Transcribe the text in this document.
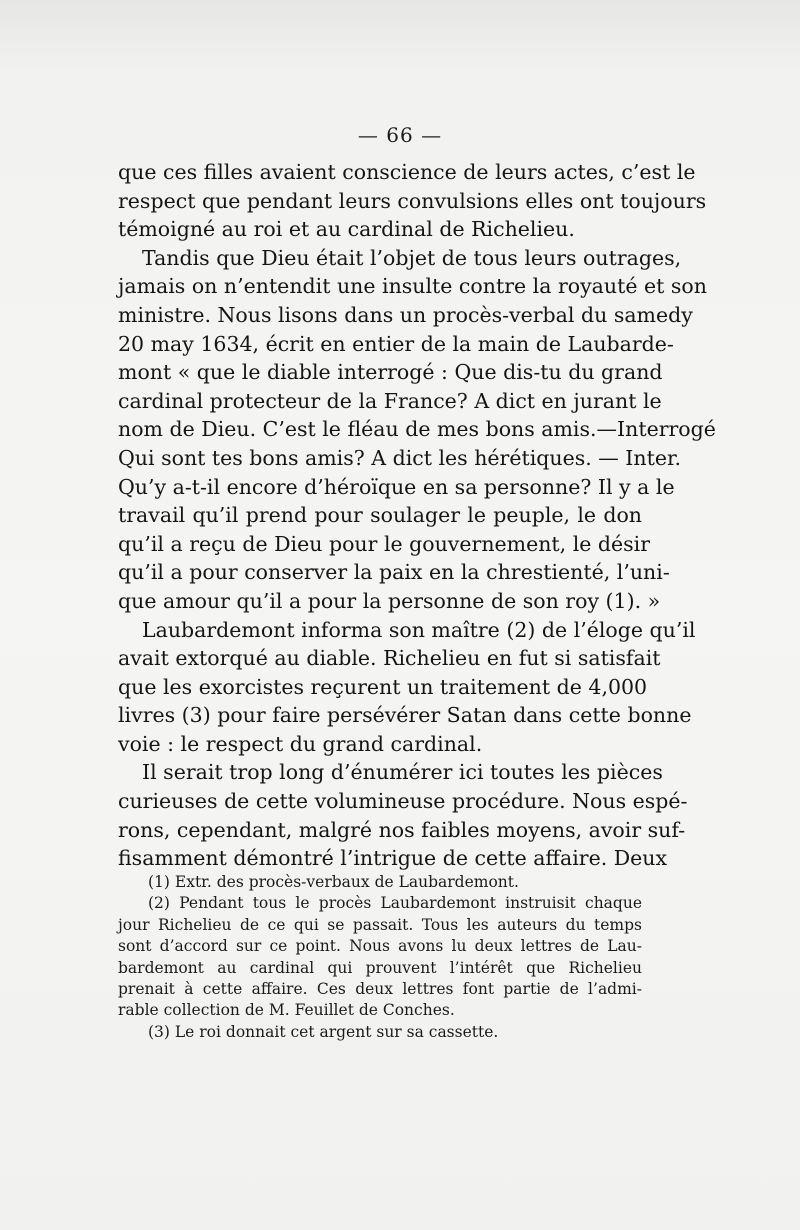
— 66 —
que ces filles avaient conscience de leurs actes, c’est le
respect que pendant leurs convulsions elles ont toujours
témoigné au roi et au cardinal de Richelieu.
Tandis que Dieu était l’objet de tous leurs outrages,
jamais on n’entendit une insulte contre la royauté et son
ministre. Nous lisons dans un procès-verbal du samedy
20 may 1634, écrit en entier de la main de Laubarde-
mont « que le diable interrogé : Que dis-tu du grand
cardinal protecteur de la France? A dict en jurant le
nom de Dieu. C’est le fléau de mes bons amis.—Interrogé
Qui sont tes bons amis? A dict les hérétiques. — Inter.
Qu’y a-t-il encore d’héroïque en sa personne? Il y a le
travail qu’il prend pour soulager le peuple, le don
qu’il a reçu de Dieu pour le gouvernement, le désir
qu’il a pour conserver la paix en la chrestienté, l’uni-
que amour qu’il a pour la personne de son roy (1). »
Laubardemont informa son maître (2) de l’éloge qu’il
avait extorqué au diable. Richelieu en fut si satisfait
que les exorcistes reçurent un traitement de 4,000
livres (3) pour faire persévérer Satan dans cette bonne
voie : le respect du grand cardinal.
Il serait trop long d’énumérer ici toutes les pièces
curieuses de cette volumineuse procédure. Nous espé-
rons, cependant, malgré nos faibles moyens, avoir suf-
fisamment démontré l’intrigue de cette affaire. Deux
(1) Extr. des procès-verbaux de Laubardemont.
(2) Pendant tous le procès Laubardemont instruisit chaque
jour Richelieu de ce qui se passait. Tous les auteurs du temps
sont d’accord sur ce point. Nous avons lu deux lettres de Lau-
bardemont au cardinal qui prouvent l’intérêt que Richelieu
prenait à cette affaire. Ces deux lettres font partie de l’admi-
rable collection de M. Feuillet de Conches.
(3) Le roi donnait cet argent sur sa cassette.
